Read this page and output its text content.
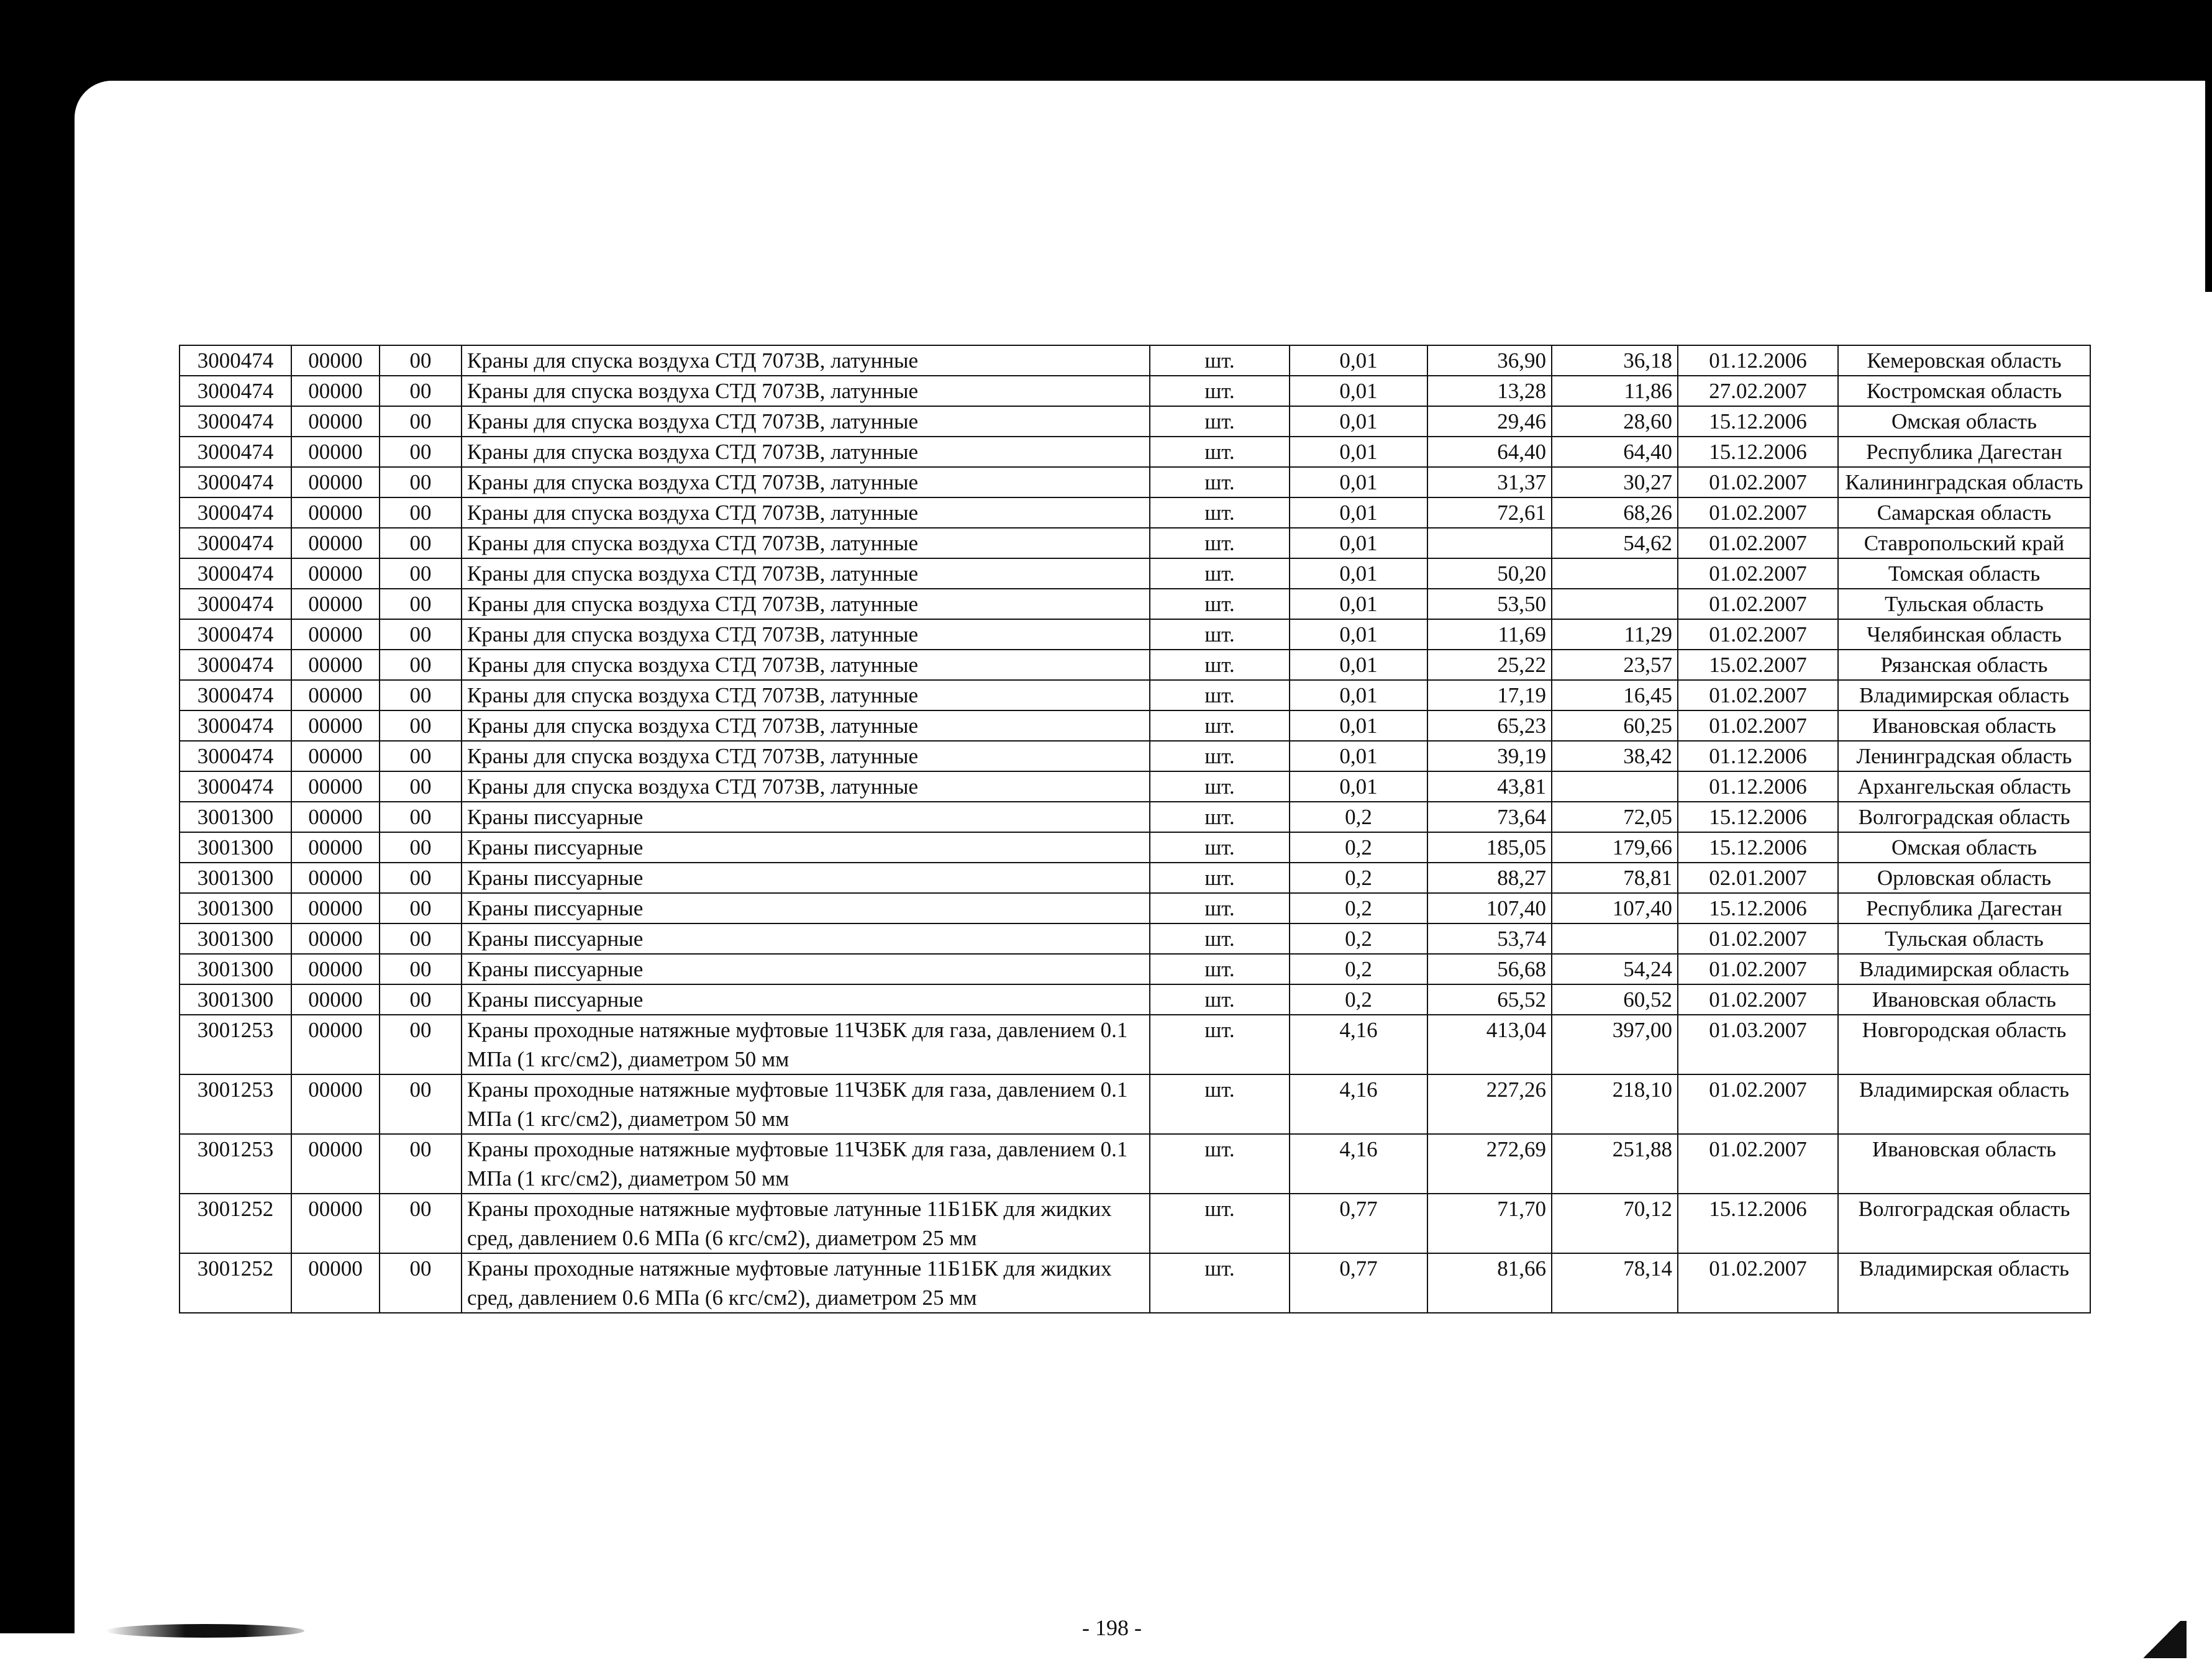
3000474	00000	00	Краны для спуска воздуха СТД 7073В, латунные	шт.	0,01	36,90	36,18	01.12.2006	Кемеровская область
3000474	00000	00	Краны для спуска воздуха СТД 7073В, латунные	шт.	0,01	13,28	11,86	27.02.2007	Костромская область
3000474	00000	00	Краны для спуска воздуха СТД 7073В, латунные	шт.	0,01	29,46	28,60	15.12.2006	Омская область
3000474	00000	00	Краны для спуска воздуха СТД 7073В, латунные	шт.	0,01	64,40	64,40	15.12.2006	Республика Дагестан
3000474	00000	00	Краны для спуска воздуха СТД 7073В, латунные	шт.	0,01	31,37	30,27	01.02.2007	Калининградская область
3000474	00000	00	Краны для спуска воздуха СТД 7073В, латунные	шт.	0,01	72,61	68,26	01.02.2007	Самарская область
3000474	00000	00	Краны для спуска воздуха СТД 7073В, латунные	шт.	0,01		54,62	01.02.2007	Ставропольский край
3000474	00000	00	Краны для спуска воздуха СТД 7073В, латунные	шт.	0,01	50,20		01.02.2007	Томская область
3000474	00000	00	Краны для спуска воздуха СТД 7073В, латунные	шт.	0,01	53,50		01.02.2007	Тульская область
3000474	00000	00	Краны для спуска воздуха СТД 7073В, латунные	шт.	0,01	11,69	11,29	01.02.2007	Челябинская область
3000474	00000	00	Краны для спуска воздуха СТД 7073В, латунные	шт.	0,01	25,22	23,57	15.02.2007	Рязанская область
3000474	00000	00	Краны для спуска воздуха СТД 7073В, латунные	шт.	0,01	17,19	16,45	01.02.2007	Владимирская область
3000474	00000	00	Краны для спуска воздуха СТД 7073В, латунные	шт.	0,01	65,23	60,25	01.02.2007	Ивановская область
3000474	00000	00	Краны для спуска воздуха СТД 7073В, латунные	шт.	0,01	39,19	38,42	01.12.2006	Ленинградская область
3000474	00000	00	Краны для спуска воздуха СТД 7073В, латунные	шт.	0,01	43,81		01.12.2006	Архангельская область
3001300	00000	00	Краны писсуарные	шт.	0,2	73,64	72,05	15.12.2006	Волгоградская область
3001300	00000	00	Краны писсуарные	шт.	0,2	185,05	179,66	15.12.2006	Омская область
3001300	00000	00	Краны писсуарные	шт.	0,2	88,27	78,81	02.01.2007	Орловская область
3001300	00000	00	Краны писсуарные	шт.	0,2	107,40	107,40	15.12.2006	Республика Дагестан
3001300	00000	00	Краны писсуарные	шт.	0,2	53,74		01.02.2007	Тульская область
3001300	00000	00	Краны писсуарные	шт.	0,2	56,68	54,24	01.02.2007	Владимирская область
3001300	00000	00	Краны писсуарные	шт.	0,2	65,52	60,52	01.02.2007	Ивановская область
3001253	00000	00	Краны проходные натяжные муфтовые 11Ч3БК для газа, давлением 0.1 МПа (1 кгс/см2), диаметром 50 мм	шт.	4,16	413,04	397,00	01.03.2007	Новгородская область
3001253	00000	00	Краны проходные натяжные муфтовые 11Ч3БК для газа, давлением 0.1 МПа (1 кгс/см2), диаметром 50 мм	шт.	4,16	227,26	218,10	01.02.2007	Владимирская область
3001253	00000	00	Краны проходные натяжные муфтовые 11Ч3БК для газа, давлением 0.1 МПа (1 кгс/см2), диаметром 50 мм	шт.	4,16	272,69	251,88	01.02.2007	Ивановская область
3001252	00000	00	Краны проходные натяжные муфтовые латунные 11Б1БК для жидких сред, давлением 0.6 МПа (6 кгс/см2), диаметром 25 мм	шт.	0,77	71,70	70,12	15.12.2006	Волгоградская область
3001252	00000	00	Краны проходные натяжные муфтовые латунные 11Б1БК для жидких сред, давлением 0.6 МПа (6 кгс/см2), диаметром 25 мм	шт.	0,77	81,66	78,14	01.02.2007	Владимирская область
- 198 -
